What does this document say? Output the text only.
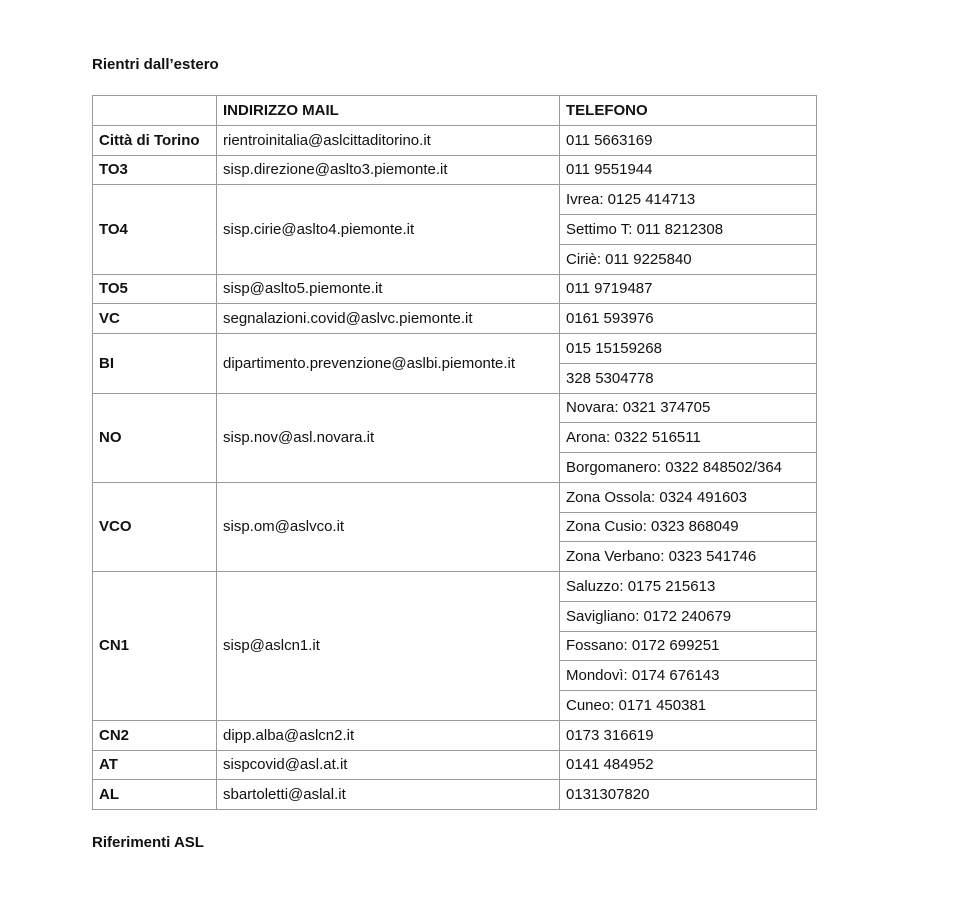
Rientri dall’estero
	INDIRIZZO MAIL	TELEFONO
Città di Torino	rientroinitalia@aslcittaditorino.it	011 5663169
TO3	sisp.direzione@aslto3.piemonte.it	011 9551944
TO4	sisp.cirie@aslto4.piemonte.it	Ivrea: 0125 414713
		Settimo T: 011 8212308
		Ciriè: 011 9225840
TO5	sisp@aslto5.piemonte.it	011 9719487
VC	segnalazioni.covid@aslvc.piemonte.it	0161 593976
BI	dipartimento.prevenzione@aslbi.piemonte.it	015 15159268
		328 5304778
NO	sisp.nov@asl.novara.it	Novara: 0321 374705
		Arona: 0322 516511
		Borgomanero: 0322 848502/364
VCO	sisp.om@aslvco.it	Zona Ossola: 0324 491603
		Zona Cusio: 0323 868049
		Zona Verbano: 0323 541746
CN1	sisp@aslcn1.it	Saluzzo: 0175 215613
		Savigliano: 0172 240679
		Fossano: 0172 699251
		Mondovì: 0174 676143
		Cuneo: 0171 450381
CN2	dipp.alba@aslcn2.it	0173 316619
AT	sispcovid@asl.at.it	0141 484952
AL	sbartoletti@aslal.it	0131307820
Riferimenti ASL
